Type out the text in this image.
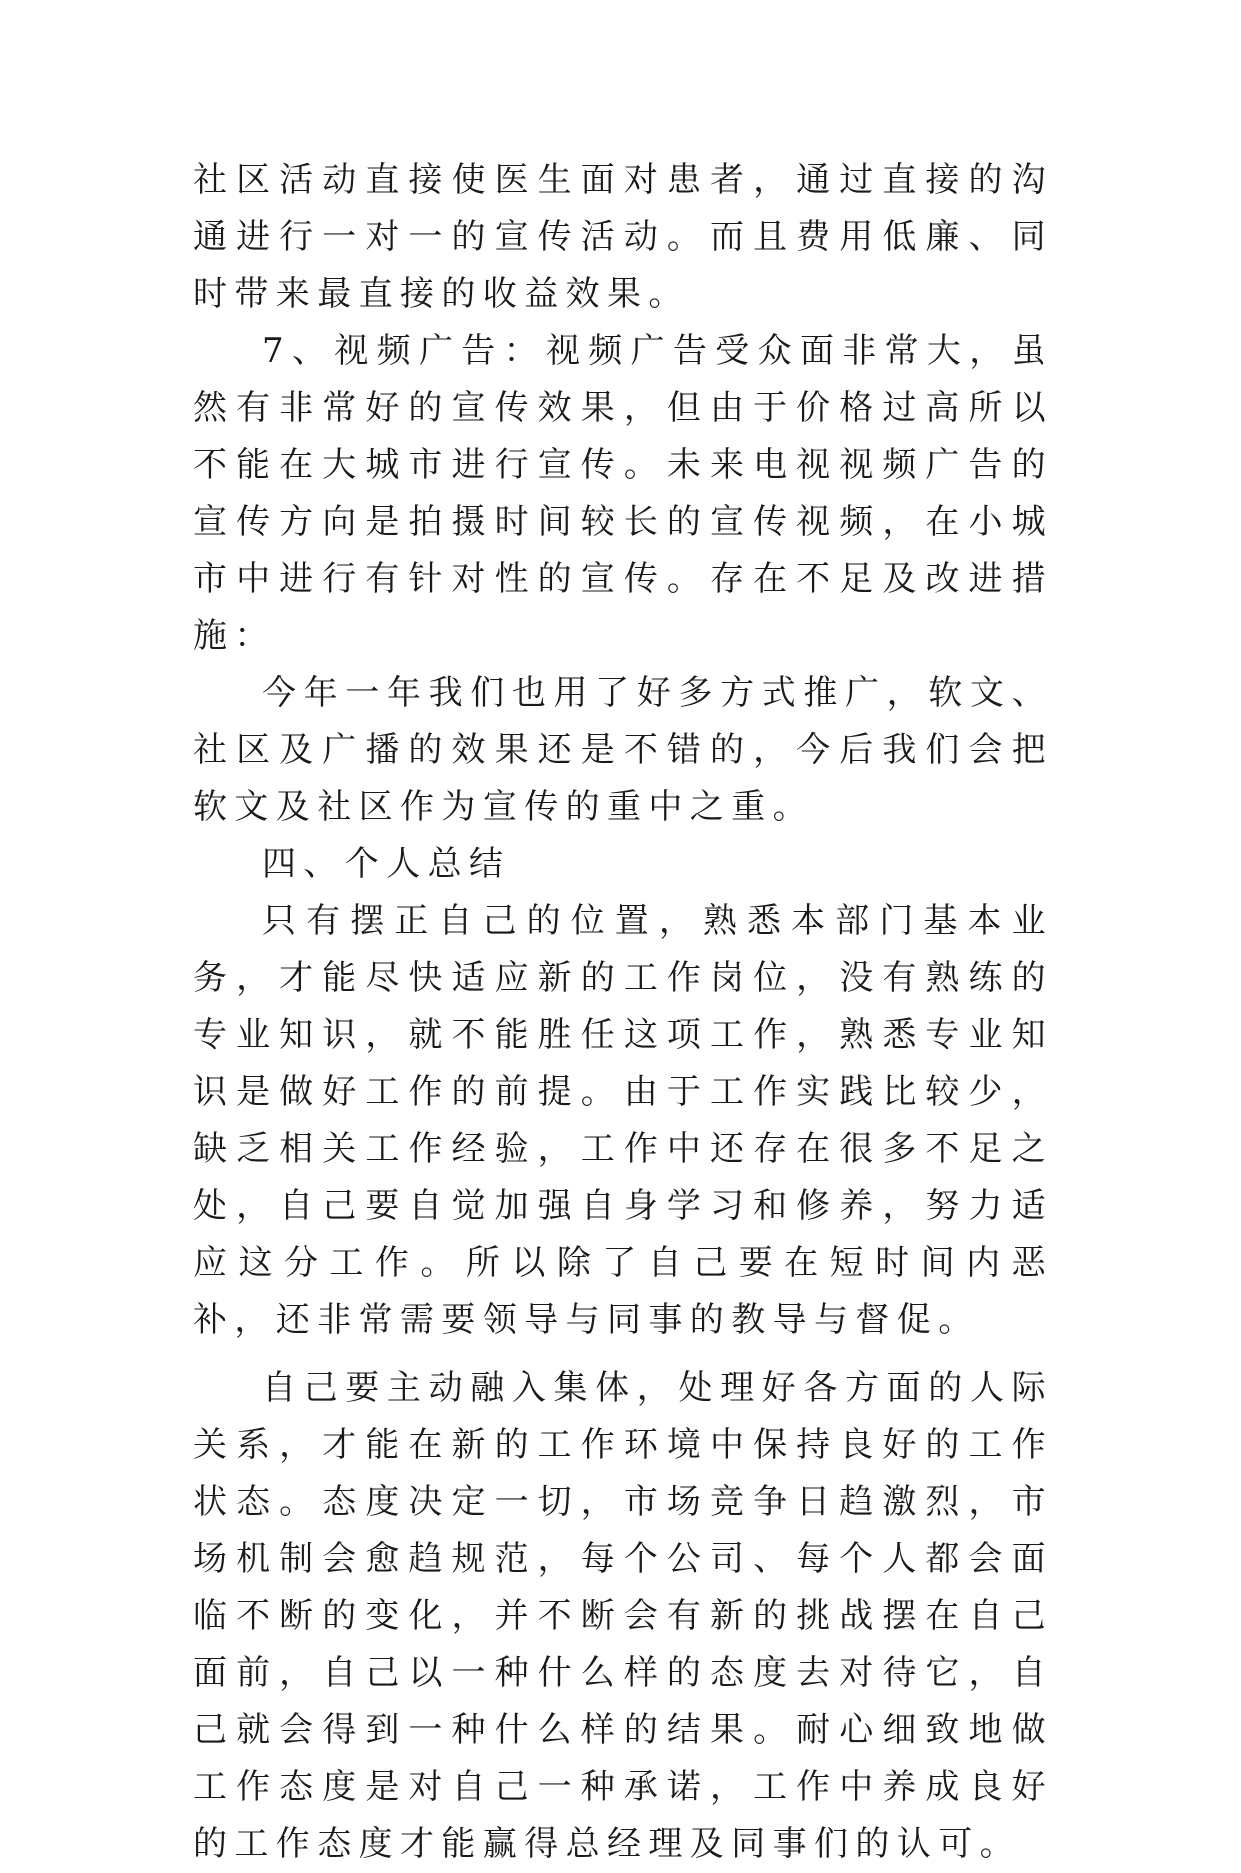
社区活动直接使医生面对患者，通过直接的沟通进行一对一的宣传活动。而且费用低廉、同时带来最直接的收益效果。

7、视频广告：视频广告受众面非常大，虽然有非常好的宣传效果，但由于价格过高所以不能在大城市进行宣传。未来电视视频广告的宣传方向是拍摄时间较长的宣传视频，在小城市中进行有针对性的宣传。存在不足及改进措施：

今年一年我们也用了好多方式推广，软文、社区及广播的效果还是不错的，今后我们会把软文及社区作为宣传的重中之重。

四、个人总结

只有摆正自己的位置，熟悉本部门基本业务，才能尽快适应新的工作岗位，没有熟练的专业知识，就不能胜任这项工作，熟悉专业知识是做好工作的前提。由于工作实践比较少，缺乏相关工作经验，工作中还存在很多不足之处，自己要自觉加强自身学习和修养，努力适应这分工作。所以除了自己要在短时间内恶补，还非常需要领导与同事的教导与督促。

自己要主动融入集体，处理好各方面的人际关系，才能在新的工作环境中保持良好的工作状态。态度决定一切，市场竞争日趋激烈，市场机制会愈趋规范，每个公司、每个人都会面临不断的变化，并不断会有新的挑战摆在自己面前，自己以一种什么样的态度去对待它，自己就会得到一种什么样的结果。耐心细致地做工作态度是对自己一种承诺，工作中养成良好的工作态度才能赢得总经理及同事们的认可。
